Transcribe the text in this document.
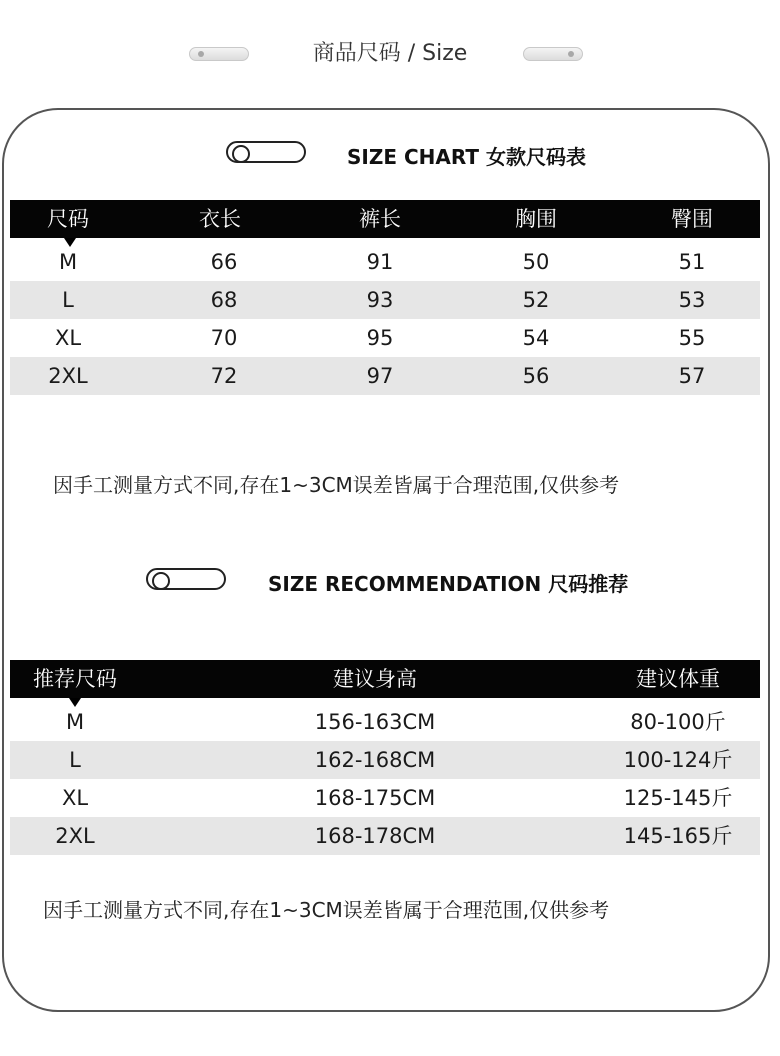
商品尺码 / Size
SIZE CHART 女款尺码表
尺码	衣长	裤长	胸围	臀围
M	66	91	50	51
L	68	93	52	53
XL	70	95	54	55
2XL	72	97	56	57
因手工测量方式不同,存在1~3CM误差皆属于合理范围,仅供参考
SIZE RECOMMENDATION 尺码推荐
推荐尺码	建议身高	建议体重
M	156-163CM	80-100斤
L	162-168CM	100-124斤
XL	168-175CM	125-145斤
2XL	168-178CM	145-165斤
因手工测量方式不同,存在1~3CM误差皆属于合理范围,仅供参考
